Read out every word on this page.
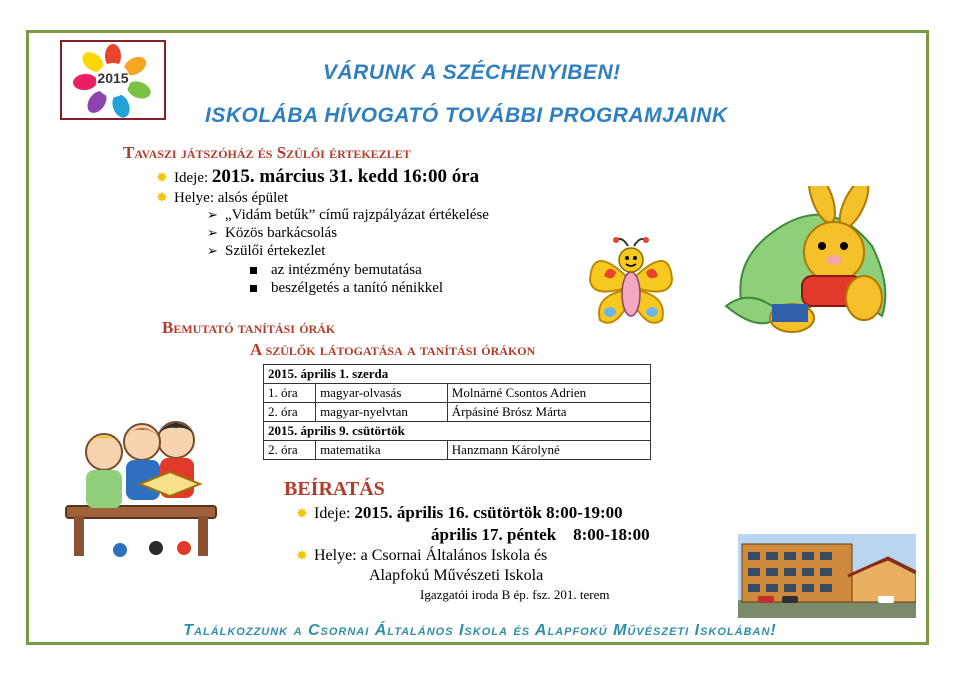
2015	VÁRUNK A SZÉCHENYIBEN!
ISKOLÁBA HÍVOGATÓ TOVÁBBI PROGRAMJAINK
Tavaszi játszóház és Szülői értekezlet
✸ Ideje: 2015. március 31. kedd 16:00 óra
✸ Helye: alsós épület
➢ „Vidám betűk” című rajzpályázat értékelése
➢ Közös barkácsolás
➢ Szülői értekezlet
az intézmény bemutatása
beszélgetés a tanító nénikkel
Bemutató tanítási órák
A szülők látogatása a tanítási órákon
2015. április 1. szerda		
1. óra	magyar-olvasás	Molnárné Csontos Adrien
2. óra	magyar-nyelvtan	Árpásiné Brósz Márta
2015. április 9. csütörtök		
2. óra	matematika	Hanzmann Károlyné
BEÍRATÁS
✸ Ideje: 2015. április 16. csütörtök 8:00-19:00
április 17. péntek    8:00-18:00
✸ Helye: a Csornai Általános Iskola és
Alapfokú Művészeti Iskola
Igazgatói iroda B ép. fsz. 201. terem
Találkozzunk a Csornai Általános Iskola és Alapfokú Művészeti Iskolában!
